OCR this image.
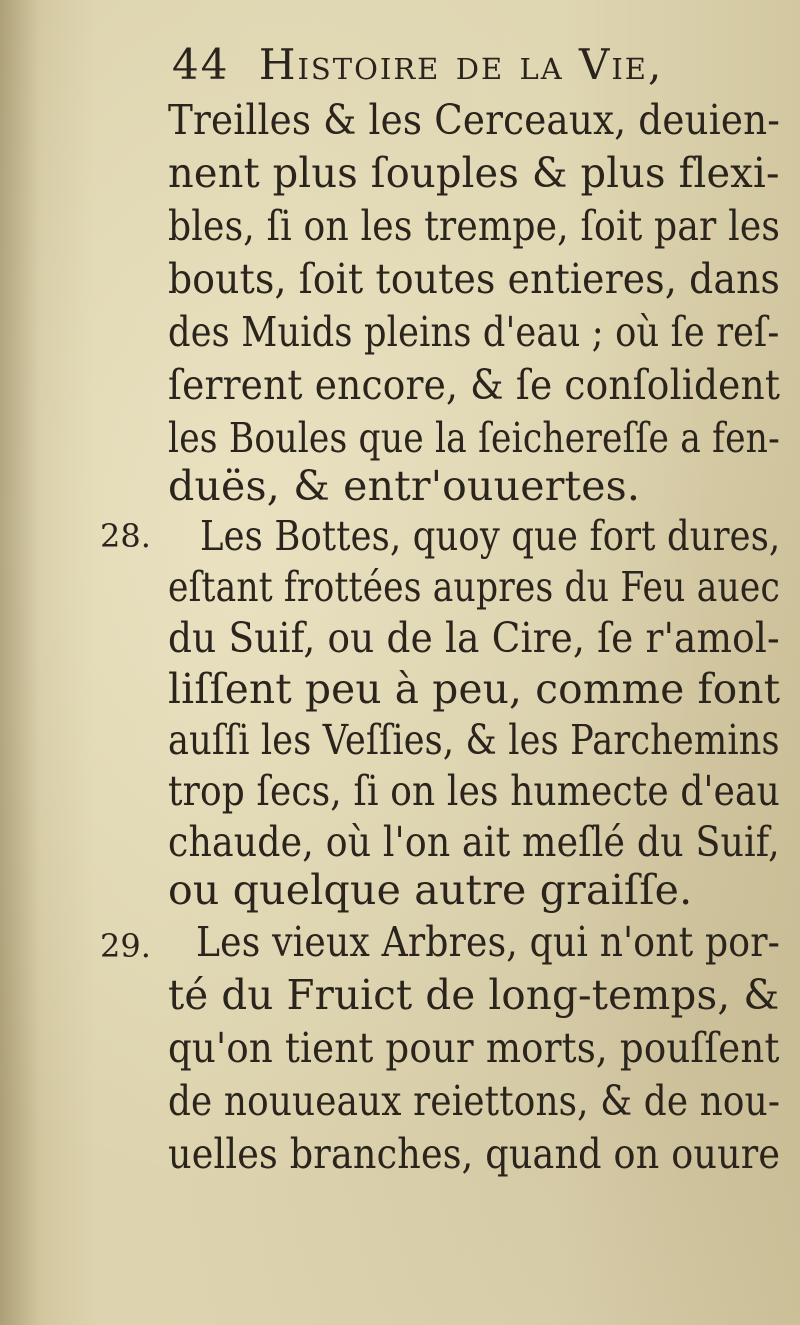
44 Histoire de la Vie,
Treilles & les Cerceaux, deuien-
nent plus ſouples & plus flexi-
bles, ſi on les trempe, ſoit par les
bouts, ſoit toutes entieres, dans
des Muids pleins d'eau ; où ſe reſ-
ſerrent encore, & ſe conſolident
les Boules que la ſeichereſſe a fen-
duës, & entr'ouuertes.
28. Les Bottes, quoy que fort dures,
eſtant frottées aupres du Feu auec
du Suif, ou de la Cire, ſe r'amol-
liſſent peu à peu, comme font
auſſi les Veſſies, & les Parchemins
trop ſecs, ſi on les humecte d'eau
chaude, où l'on ait meſlé du Suif,
ou quelque autre graiſſe.
29. Les vieux Arbres, qui n'ont por-
té du Fruict de long-temps, &
qu'on tient pour morts, pouſſent
de nouueaux reiettons, & de nou-
uelles branches, quand on ouure
